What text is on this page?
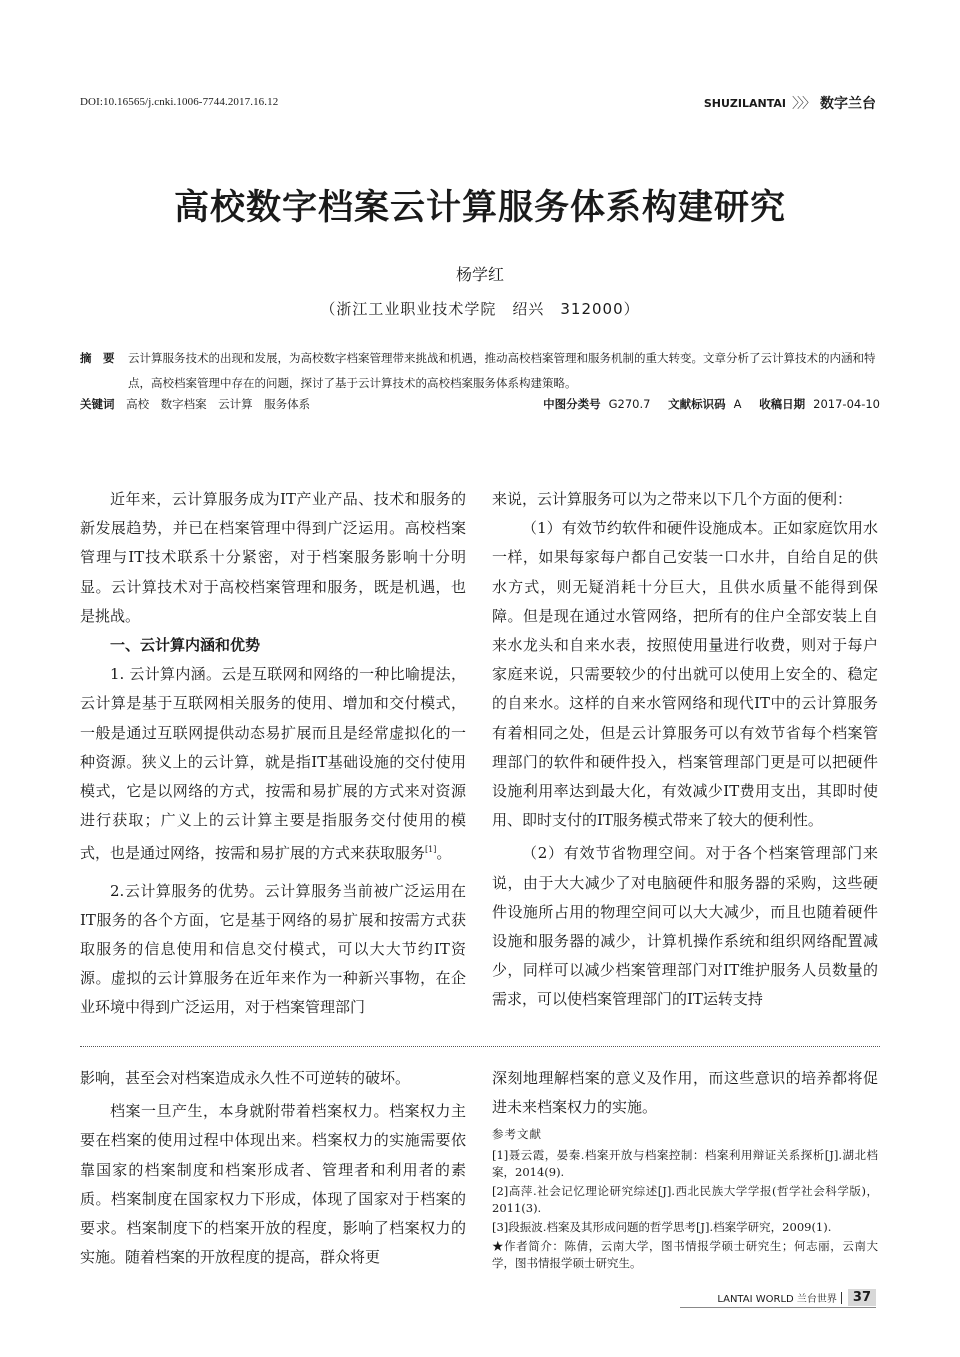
DOI:10.16565/j.cnki.1006-7744.2017.16.12	SHUZILANTAI 〉〉〉 数字兰台
高校数字档案云计算服务体系构建研究
杨学红
（浙江工业职业技术学院　绍兴　312000）
摘　要	云计算服务技术的出现和发展，为高校数字档案管理带来挑战和机遇，推动高校档案管理和服务机制的重大转变。文章分析了云计算技术的内涵和特点，高校档案管理中存在的问题，探讨了基于云计算技术的高校档案服务体系构建策略。
关键词 高校　数字档案　云计算　服务体系	中图分类号 G270.7 文献标识码 A 收稿日期 2017-04-10

近年来，云计算服务成为IT产业产品、技术和服务的新发展趋势，并已在档案管理中得到广泛运用。高校档案管理与IT技术联系十分紧密，对于档案服务影响十分明显。云计算技术对于高校档案管理和服务，既是机遇，也是挑战。

一、云计算内涵和优势

1. 云计算内涵。云是互联网和网络的一种比喻提法，云计算是基于互联网相关服务的使用、增加和交付模式，一般是通过互联网提供动态易扩展而且是经常虚拟化的一种资源。狭义上的云计算，就是指IT基础设施的交付使用模式，它是以网络的方式，按需和易扩展的方式来对资源进行获取；广义上的云计算主要是指服务交付使用的模式，也是通过网络，按需和易扩展的方式来获取服务[1]。

2.云计算服务的优势。云计算服务当前被广泛运用在IT服务的各个方面，它是基于网络的易扩展和按需方式获取服务的信息使用和信息交付模式，可以大大节约IT资源。虚拟的云计算服务在近年来作为一种新兴事物，在企业环境中得到广泛运用，对于档案管理部门

来说，云计算服务可以为之带来以下几个方面的便利：

（1）有效节约软件和硬件设施成本。正如家庭饮用水一样，如果每家每户都自己安装一口水井，自给自足的供水方式，则无疑消耗十分巨大，且供水质量不能得到保障。但是现在通过水管网络，把所有的住户全部安装上自来水龙头和自来水表，按照使用量进行收费，则对于每户家庭来说，只需要较少的付出就可以使用上安全的、稳定的自来水。这样的自来水管网络和现代IT中的云计算服务有着相同之处，但是云计算服务可以有效节省每个档案管理部门的软件和硬件投入，档案管理部门更是可以把硬件设施利用率达到最大化，有效减少IT费用支出，其即时使用、即时支付的IT服务模式带来了较大的便利性。

（2）有效节省物理空间。对于各个档案管理部门来说，由于大大减少了对电脑硬件和服务器的采购，这些硬件设施所占用的物理空间可以大大减少，而且也随着硬件设施和服务器的减少，计算机操作系统和组织网络配置减少，同样可以减少档案管理部门对IT维护服务人员数量的需求，可以使档案管理部门的IT运转支持

影响，甚至会对档案造成永久性不可逆转的破坏。

档案一旦产生，本身就附带着档案权力。档案权力主要在档案的使用过程中体现出来。档案权力的实施需要依靠国家的档案制度和档案形成者、管理者和利用者的素质。档案制度在国家权力下形成，体现了国家对于档案的要求。档案制度下的档案开放的程度，影响了档案权力的实施。随着档案的开放程度的提高，群众将更

深刻地理解档案的意义及作用，而这些意识的培养都将促进未来档案权力的实施。

参考文献
[1]聂云霞，晏秦.档案开放与档案控制：档案利用辩证关系探析[J].湖北档案，2014(9).
[2]高萍.社会记忆理论研究综述[J].西北民族大学学报(哲学社会科学版)，2011(3).
[3]段振波.档案及其形成问题的哲学思考[J].档案学研究，2009(1).
★作者简介：陈倩，云南大学，图书情报学硕士研究生；何志丽，云南大学，图书情报学硕士研究生。
LANTAI WORLD 兰台世界	37
